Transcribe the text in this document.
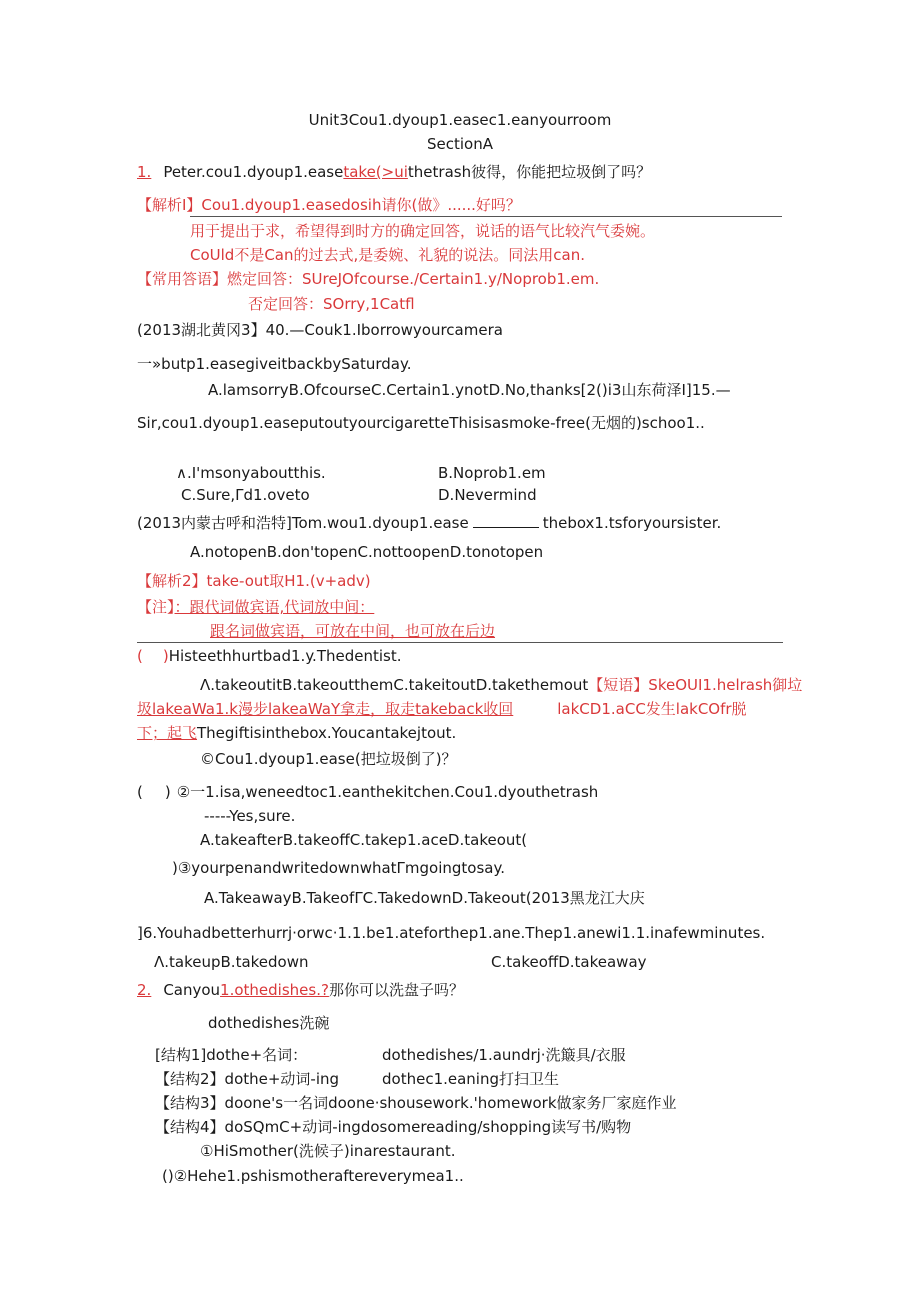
Unit3Cou1.dyoup1.easec1.eanyourroom
SectionA
1. Peter.cou1.dyoup1.easetake(>uithetrash彼得，你能把垃圾倒了吗？
【解析I】Cou1.dyoup1.easedosih请你(做》......好吗？
用于提出于求，希望得到时方的确定回答，说话的语气比较汽气委婉。
CoUld不是Can的过去式,是委婉、礼貌的说法。同法用can.
【常用答语】燃定回答：SUreJOfcourse./Certain1.y/Noprob1.em.
否定回答：SOrry,1Catfl
(2013湖北黄冈3】40.—Couk1.Iborrowyourcamera
一»butp1.easegiveitbackbySaturday.
A.lamsorryB.OfcourseC.Certain1.ynotD.No,thanks[2()i3山东荷泽I]15.—
Sir,cou1.dyoup1.easeputoutyourcigaretteThisisasmoke-free(无烟的)schoo1..
∧.I'msonyaboutthis.	B.Noprob1.em
C.Sure,Γd1.oveto	D.Nevermind
(2013内蒙古呼和浩特]Tom.wou1.dyoup1.ease	thebox1.tsforyoursister.
A.notopenB.don'topenC.nottoopenD.tonotopen
【解析2】take-out取H1.(v+adv)
【注】：跟代词做宾语,代词放中间：
跟名词做宾语，可放在中间，也可放在后边
( )Histeethhurtbad1.y.Thedentist.
Λ.takeoutitB.takeoutthemC.takeitoutD.takethemout【短语】SkeOUI1.helrash御垃
圾lakeaWa1.k漫步lakeaWaY拿走，取走takeback收回	lakCD1.aCC发生lakCOfr脱
下；起飞Thegiftisinthebox.Youcantakejtout.
©Cou1.dyoup1.ease(把垃圾倒了)？
( ) ②一1.isa,weneedtoc1.eanthekitchen.Cou1.dyouthetrash
-----Yes,sure.
A.takeafterB.takeoffC.takep1.aceD.takeout(
)③yourpenandwritedownwhatΓmgoingtosay.
A.TakeawayB.TakeofΓC.TakedownD.Takeout(2013黑龙江大庆
]6.Youhadbetterhurrj·orwc·1.1.be1.ateforthep1.ane.Thep1.anewi1.1.inafewminutes.
Λ.takeupB.takedown	C.takeoffD.takeaway
2. Canyou1.othedishes.?那你可以洗盘子吗？
dothedishes洗碗
[结构1]dothe+名词：	dothedishes/1.aundrj·洗簸具/衣服
【结构2】dothe+动词-ing	dothec1.eaning打扫卫生
【结构3】doone's一名词doone·shousework.'homework做家务厂家庭作业
【结构4】doSQmC+动词-ingdosomereading/shopping读写书/购物
①HiSmother(洗候子)inarestaurant.
()②Hehe1.pshismotheraftereverymea1..
